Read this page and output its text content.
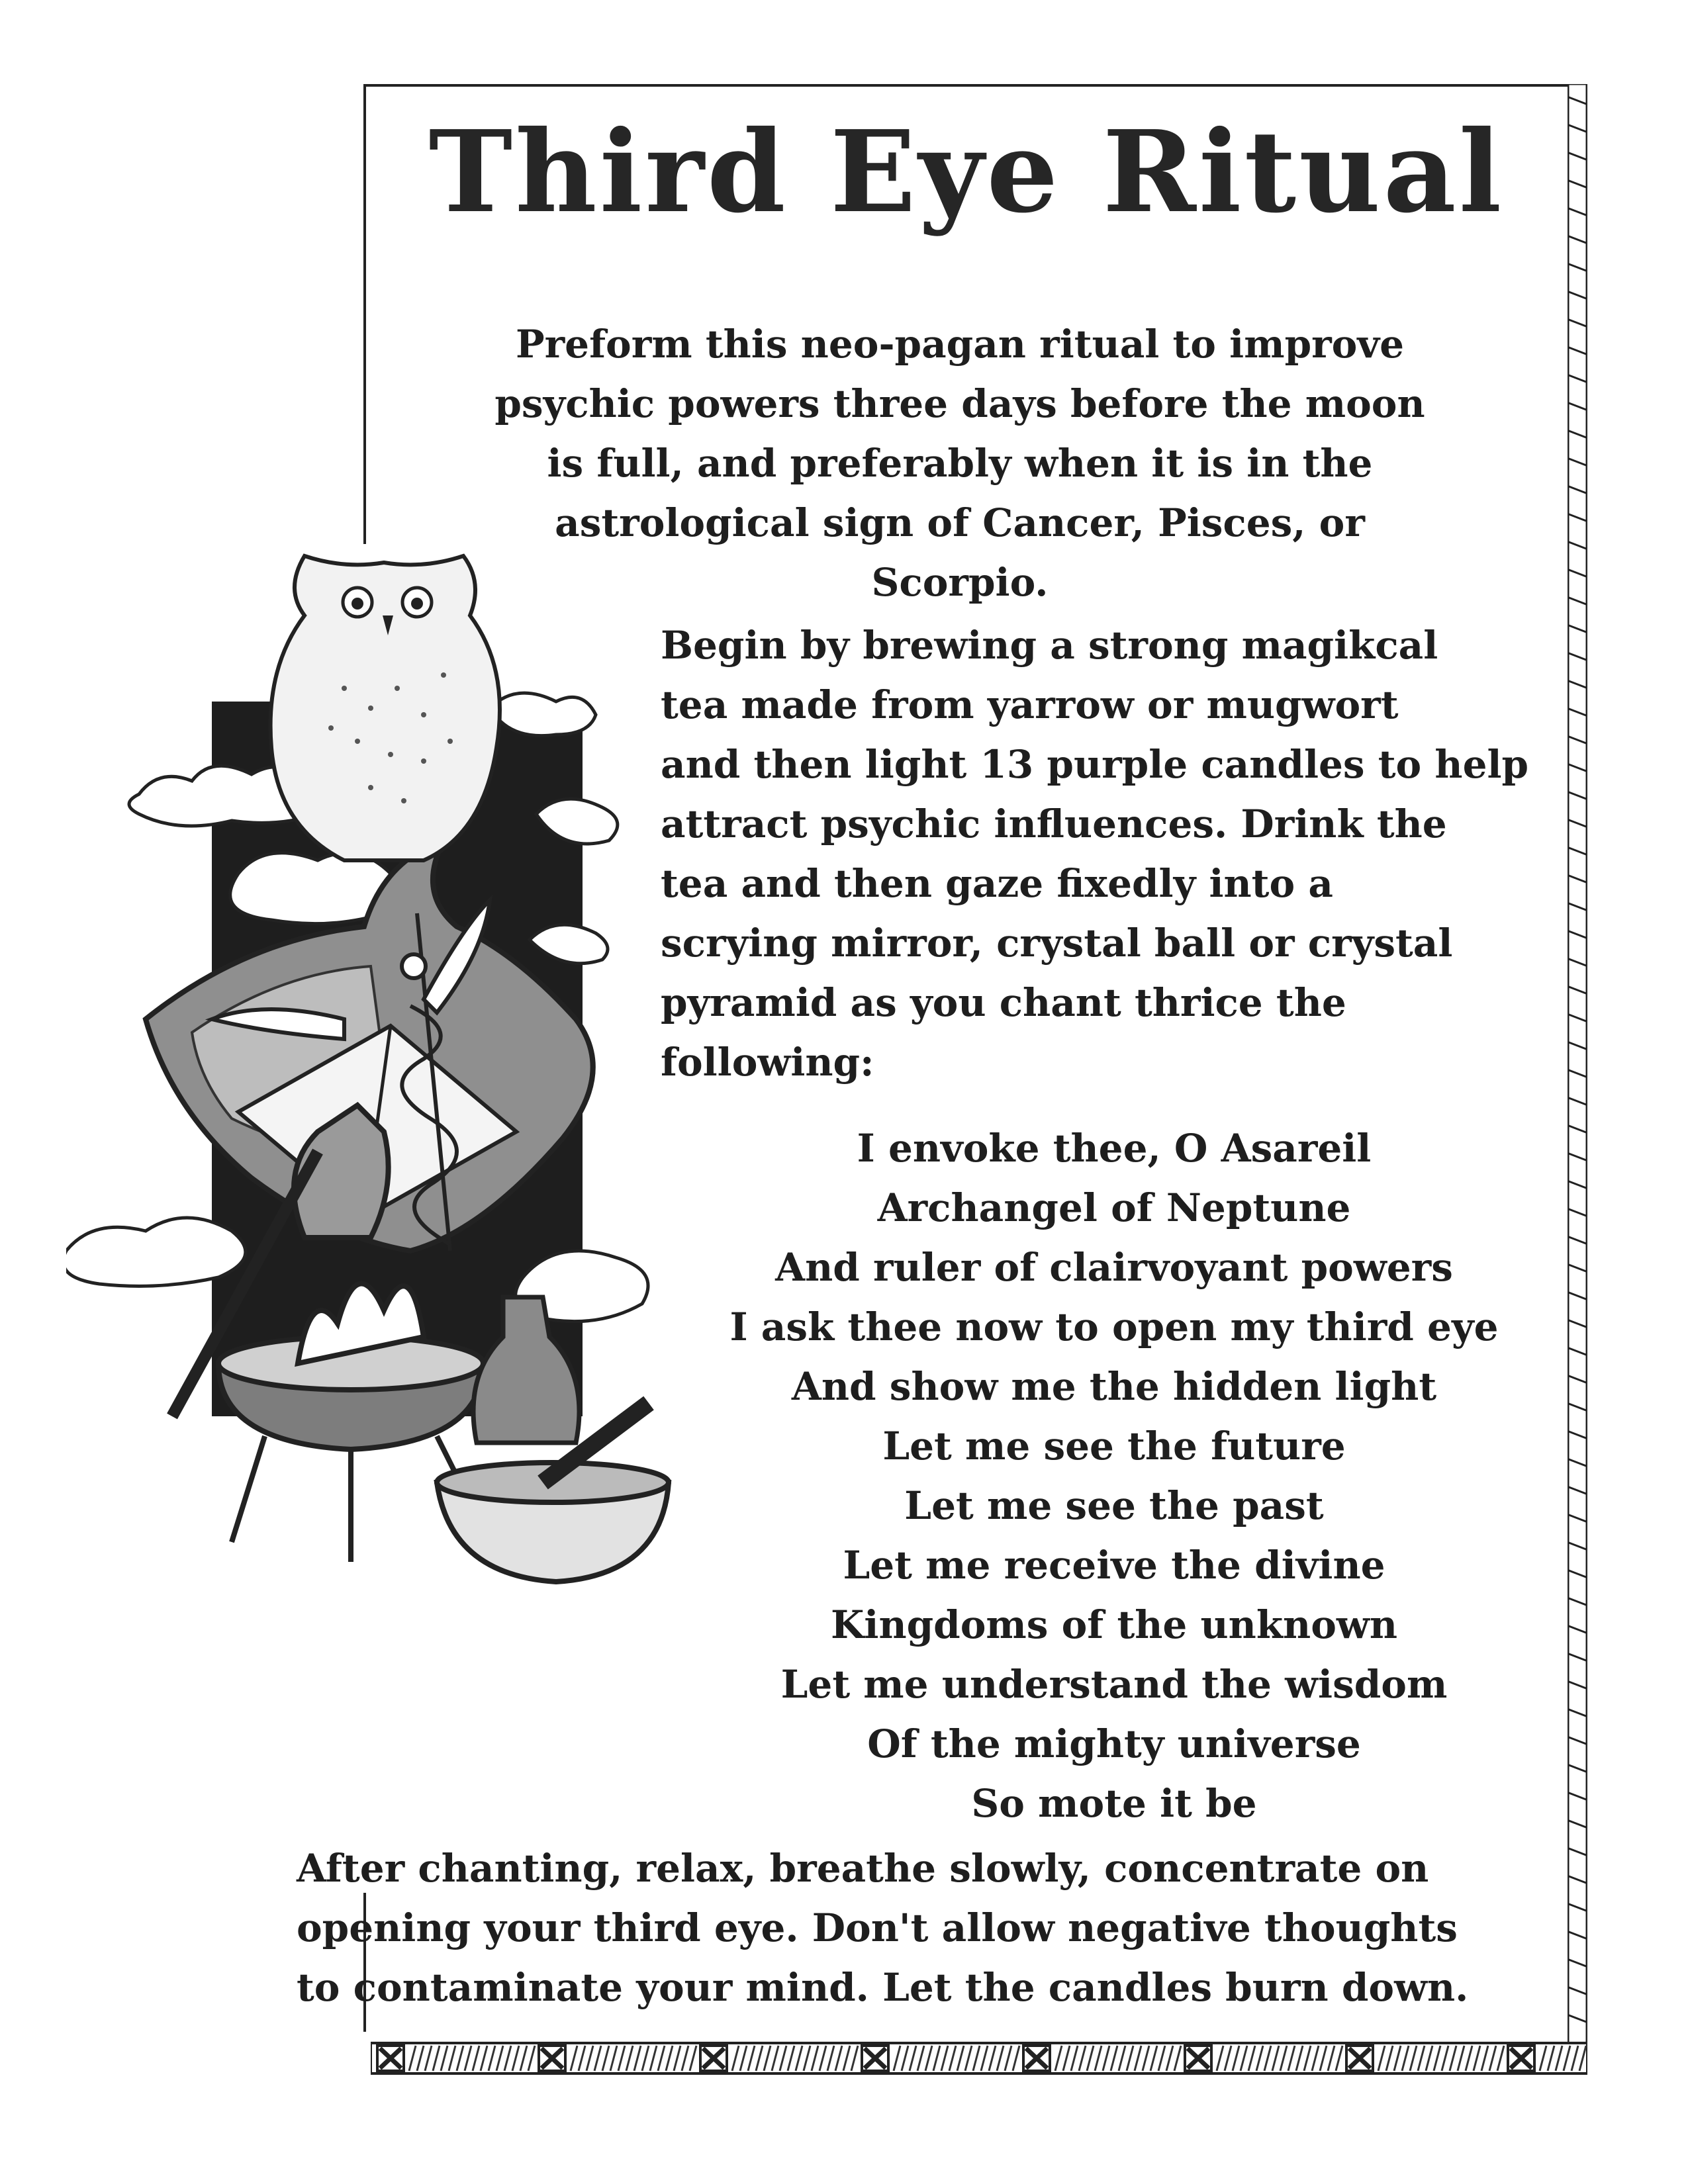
Third Eye Ritual
Preform this neo-pagan ritual to improve
psychic powers three days before the moon
is full, and preferably when it is in the
astrological sign of Cancer, Pisces, or
Scorpio.
Begin by brewing a strong magikcal
tea made from yarrow or mugwort
and then light 13 purple candles to help
attract psychic influences. Drink the
tea and then gaze fixedly into a
scrying mirror, crystal ball or crystal
pyramid as you chant thrice the
following:
I envoke thee, O Asareil
Archangel of Neptune
And ruler of clairvoyant powers
I ask thee now to open my third eye
And show me the hidden light
Let me see the future
Let me see the past
Let me receive the divine
Kingdoms of the unknown
Let me understand the wisdom
Of the mighty universe
So mote it be
After chanting, relax, breathe slowly, concentrate on
opening your third eye. Don't allow negative thoughts
to contaminate your mind. Let the candles burn down.
